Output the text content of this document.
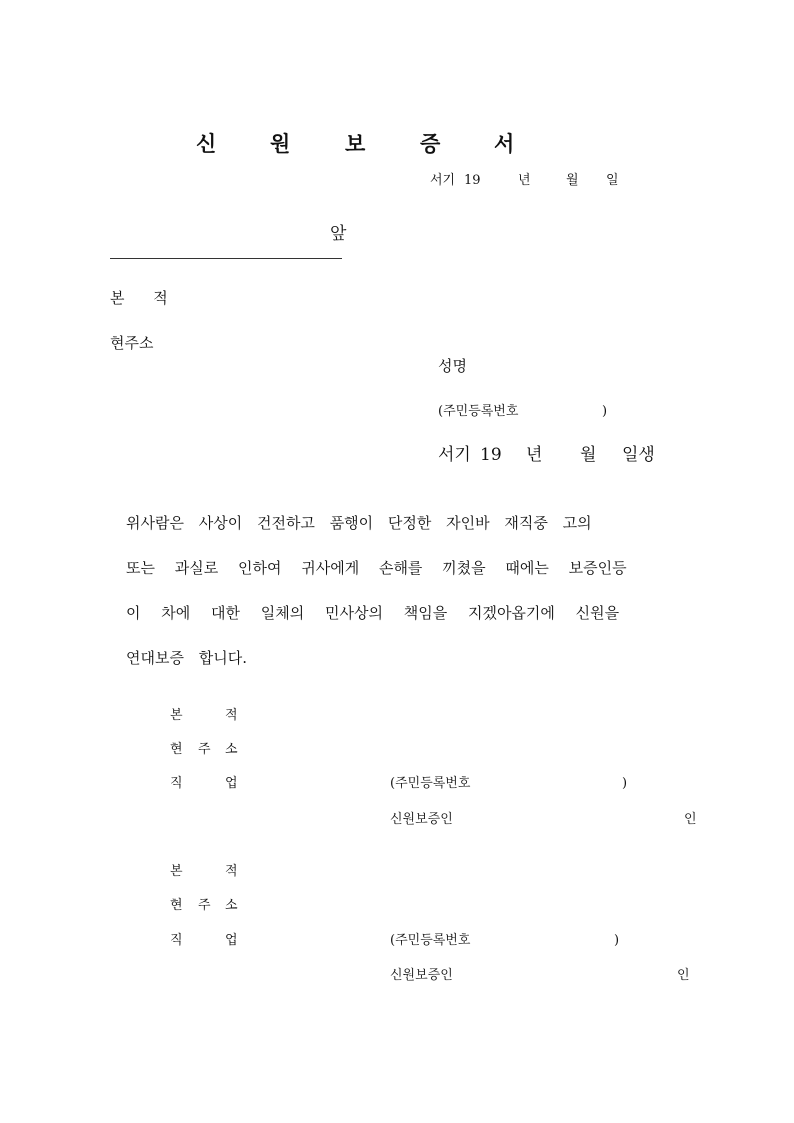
신	원	보	증	서
서기 19	년	월 일
앞
본 적
현주소
성명
(주민등록번호	)
서기 19 년 월 일생
위사람은 사상이 건전하고 품행이 단정한 자인바 재직중 고의
또는 과실로 인하여 귀사에게 손해를 끼쳤을 때에는 보증인등
이 차에 대한 일체의 민사상의 책임을 지겠아옵기에 신원을
연대보증 합니다.
본	적
현 주 소
직	업	(주민등록번호	)
신원보증인	인
본	적
현 주 소
직	업	(주민등록번호	)
신원보증인	인
